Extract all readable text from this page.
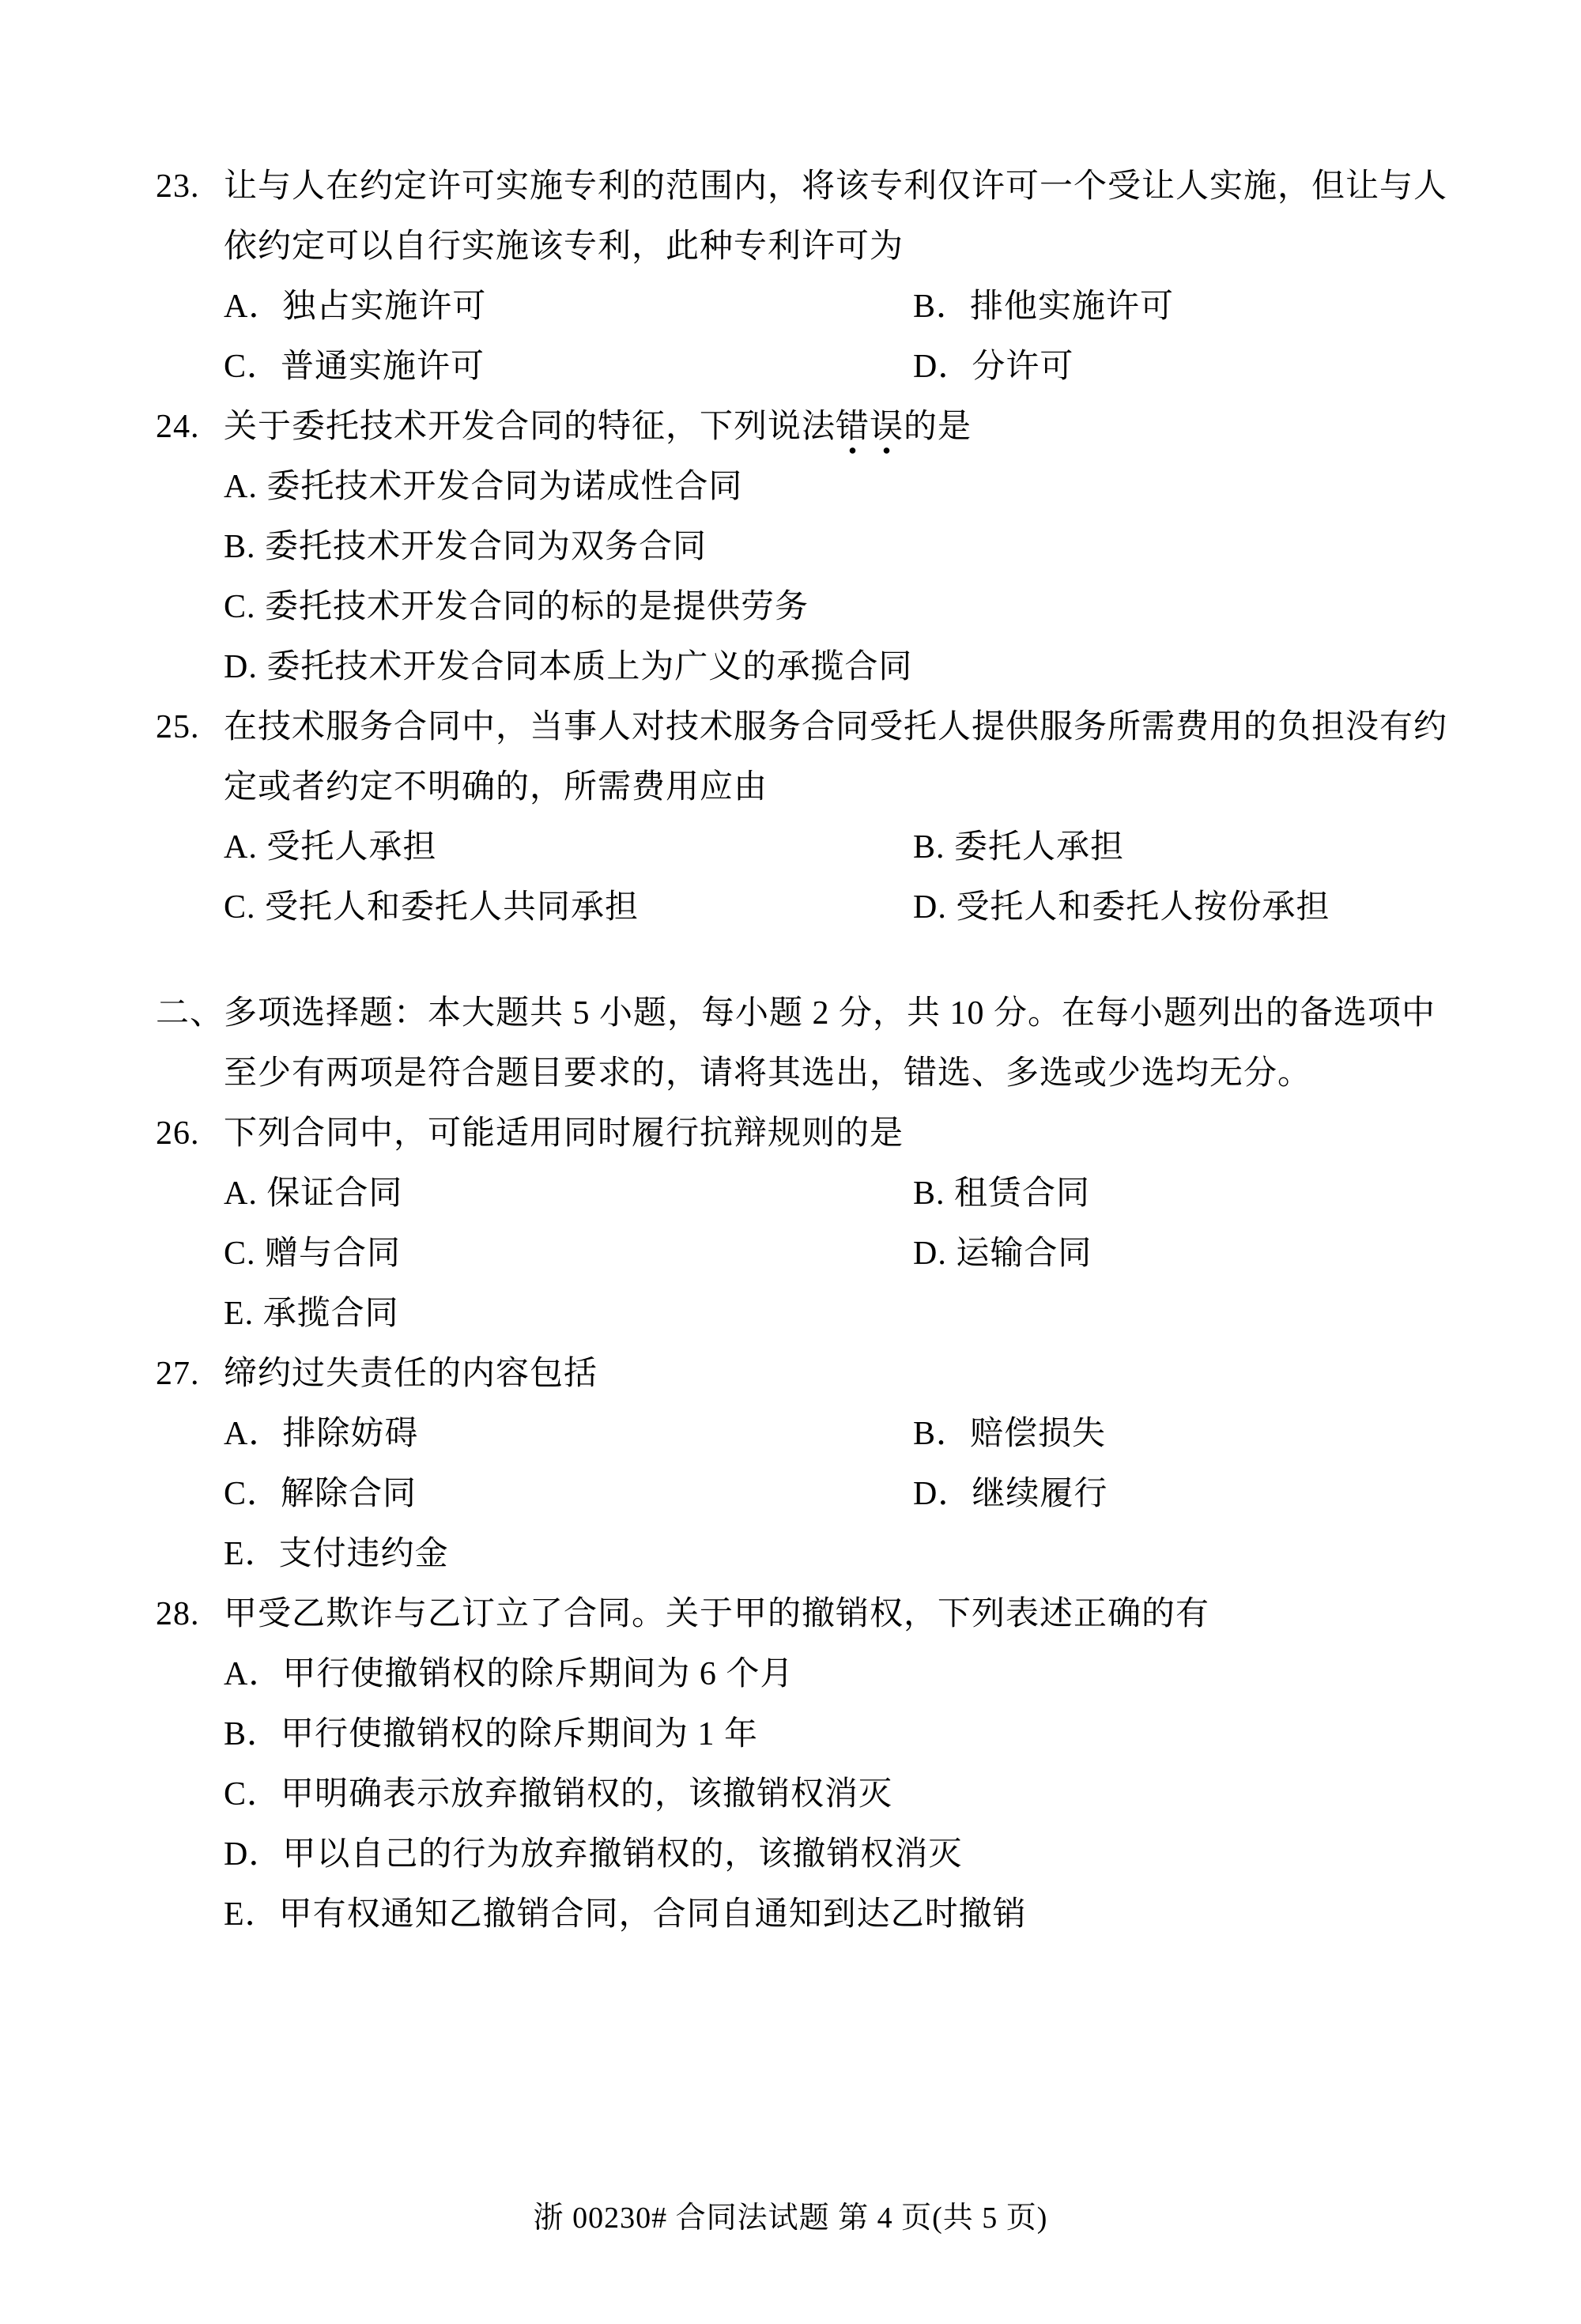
23. 让与人在约定许可实施专利的范围内，将该专利仅许可一个受让人实施，但让与人
依约定可以自行实施该专利，此种专利许可为
A．独占实施许可	B．排他实施许可
C．普通实施许可	D．分许可
24. 关于委托技术开发合同的特征，下列说法错误的是
A. 委托技术开发合同为诺成性合同
B. 委托技术开发合同为双务合同
C. 委托技术开发合同的标的是提供劳务
D. 委托技术开发合同本质上为广义的承揽合同
25. 在技术服务合同中，当事人对技术服务合同受托人提供服务所需费用的负担没有约
定或者约定不明确的，所需费用应由
A. 受托人承担	B. 委托人承担
C. 受托人和委托人共同承担	D. 受托人和委托人按份承担
二、 多项选择题：本大题共 5 小题，每小题 2 分，共 10 分。在每小题列出的备选项中
至少有两项是符合题目要求的，请将其选出，错选、多选或少选均无分。
26. 下列合同中，可能适用同时履行抗辩规则的是
A. 保证合同	B. 租赁合同
C. 赠与合同	D. 运输合同
E. 承揽合同
27. 缔约过失责任的内容包括
A．排除妨碍	B．赔偿损失
C．解除合同	D．继续履行
E．支付违约金
28. 甲受乙欺诈与乙订立了合同。关于甲的撤销权，下列表述正确的有
A．甲行使撤销权的除斥期间为 6 个月
B．甲行使撤销权的除斥期间为 1 年
C．甲明确表示放弃撤销权的，该撤销权消灭
D．甲以自己的行为放弃撤销权的，该撤销权消灭
E．甲有权通知乙撤销合同，合同自通知到达乙时撤销
浙 00230# 合同法试题 第 4 页(共 5 页)
